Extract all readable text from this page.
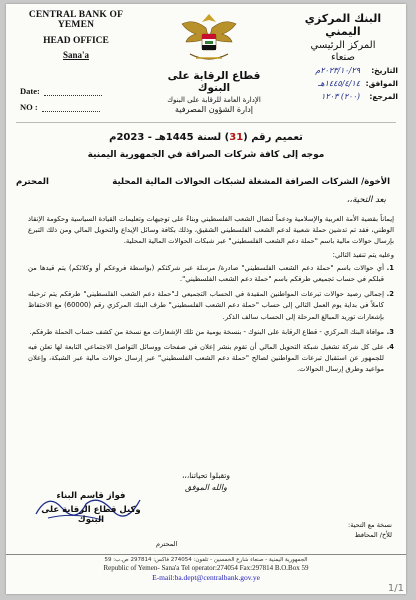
CENTRAL BANK OF YEMEN
HEAD OFFICE
Sana'a
Date:
NO :
البنك المركزي اليمني
المركز الرئيسي
صنعاء
التاريخ:
٢٠٢٣/١٠/٢٩م
الموافق:
١٤٤٥/٤/١٤هـ
المرجع:
(٢٠٠) ١٢٠٣
قطاع الرقابة على البنوك
الإدارة العامة للرقابة على البنوك
إدارة الشؤون المصرفية
تعميم رقم (31) لسنة 1445هـ - 2023م
موجه إلى كافة شركات الصرافة في الجمهورية اليمنية
الأخوة/ الشركات الصرافة المشغلة لشبكات الحوالات المالية المحلية
المحترم
بعد التحية،،

إيماناً بقضية الأمة العربية والإسلامية ودعماً لنضال الشعب الفلسطيني وبناءً على توجيهات وتعليمات القيادة السياسية وحكومة الإنقاذ الوطني، فقد تم تدشين حملة شعبية لدعم الشعب الفلسطيني الشقيق، وذلك بكافة وسائل الإيداع والتحويل المالي ومن ذلك التبرع بإرسال حوالات مالية باسم "حملة دعم الشعب الفلسطيني" عبر شبكات الحوالات المالية المحلية.

وعليه يتم تنفيذ التالي:

1.
أي حوالات باسم "حملة دعم الشعب الفلسطيني" صادرة/ مرسلة عبر شركتكم (بواسطة فروعكم أو وكلائكم) يتم قيدها من قبلكم في حساب تجميعي طرفكم باسم "حملة دعم الشعب الفلسطيني".
2.
إجمالي رصيد حوالات تبرعات المواطنين المقيدة في الحساب التجميعي لـ"حملة دعم الشعب الفلسطيني" طرفكم يتم ترحيله كاملاً في بداية يوم العمل التالي إلى حساب "حملة دعم الشعب الفلسطيني" طرف البنك المركزي رقم (60000) مع الاحتفاظ بإشعارات توريد المبالغ المرحلة إلى الحساب سالف الذكر.
3.
موافاة البنك المركزي - قطاع الرقابة على البنوك - بنسخة يومية من تلك الإشعارات مع نسخة من كشف حساب الحملة طرفكم.
4.
على كل شركة تشغيل شبكة التحويل المالي أن تقوم بنشر إعلان في صفحات ووسائل التواصل الاجتماعي التابعة لها تعلن فيه للجمهور عن استقبال تبرعات المواطنين لصالح "حملة دعم الشعب الفلسطيني" عبر إرسال حوالات مالية عبر الشبكة، وإعلان مواعيد وطرق إرسال الحوالات.
وتقبلوا تحياتنا،،،
والله الموفق
فواز قاسم البناء
وكيل قطاع الرقابة على البنوك	نسخة مع التحية:
للأخ/ المحافظ
المحترم
الجمهورية اليمنية - صنعاء شارع الخمسين - تلفون: 274054 فاكس: 297814 ص.ب: 59
Republic of Yemen- Sana'a Tel operator:274054 Fax:297814 B.O.Box 59
E-mail:ba.dept@centralbank.gov.ye
1/1
